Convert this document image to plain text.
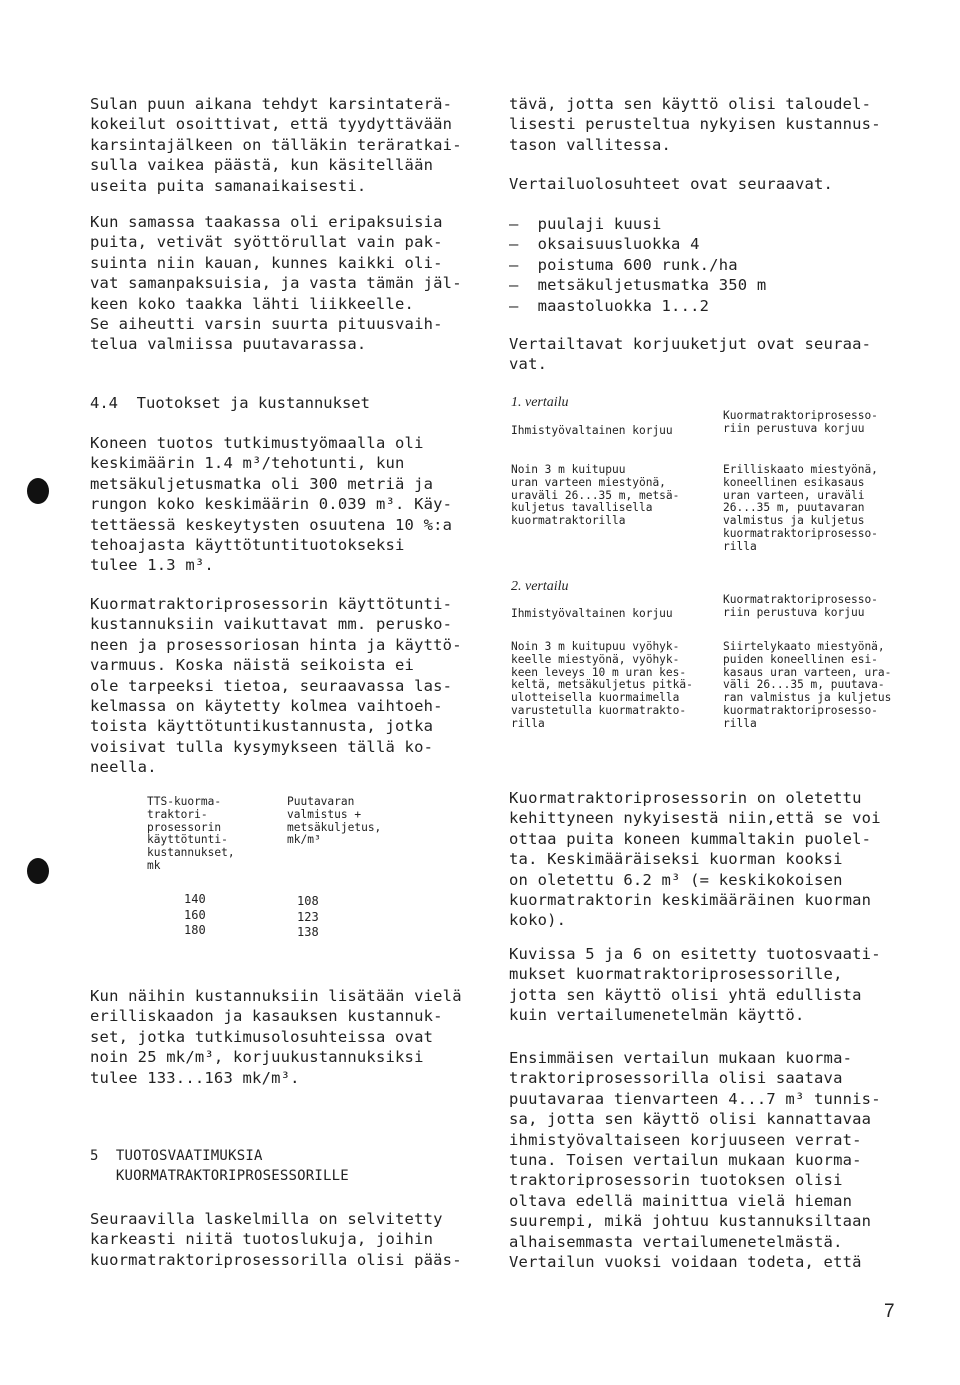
Sulan puun aikana tehdyt karsintaterä-
kokeilut osoittivat, että tyydyttävään
karsintajälkeen on tälläkin teräratkai-
sulla vaikea päästä, kun käsitellään
useita puita samanaikaisesti.
Kun samassa taakassa oli eripaksuisia
puita, vetivät syöttörullat vain pak-
suinta niin kauan, kunnes kaikki oli-
vat samanpaksuisia, ja vasta tämän jäl-
keen koko taakka lähti liikkeelle.
Se aiheutti varsin suurta pituusvaih-
telua valmiissa puutavarassa.
4.4  Tuotokset ja kustannukset
Koneen tuotos tutkimustyömaalla oli
keskimäärin 1.4 m³/tehotunti, kun
metsäkuljetusmatka oli 300 metriä ja
rungon koko keskimäärin 0.039 m³. Käy-
tettäessä keskeytysten osuutena 10 %:a
tehoajasta käyttötuntituotokseksi
tulee 1.3 m³.
Kuormatraktoriprosessorin käyttötunti-
kustannuksiin vaikuttavat mm. perusko-
neen ja prosessoriosan hinta ja käyttö-
varmuus. Koska näistä seikoista ei
ole tarpeeksi tietoa, seuraavassa las-
kelmassa on käytetty kolmea vaihtoeh-
toista käyttötuntikustannusta, jotka
voisivat tulla kysymykseen tällä ko-
neella.
TTS-kuorma-
traktori-
prosessorin
käyttötunti-
kustannukset,
mk
Puutavaran
valmistus +
metsäkuljetus,
mk/m³
140
160
180
108
123
138
Kun näihin kustannuksiin lisätään vielä
erilliskaadon ja kasauksen kustannuk-
set, jotka tutkimusolosuhteissa ovat
noin 25 mk/m³, korjuukustannuksiksi
tulee 133...163 mk/m³.
5  TUOTOSVAATIMUKSIA
KUORMATRAKTORIPROSESSORILLE
Seuraavilla laskelmilla on selvitetty
karkeasti niitä tuotoslukuja, joihin
kuormatraktoriprosessorilla olisi pääs-
tävä, jotta sen käyttö olisi taloudel-
lisesti perusteltua nykyisen kustannus-
tason vallitessa.
Vertailuolosuhteet ovat seuraavat.
–  puulaji kuusi
–  oksaisuusluokka 4
–  poistuma 600 runk./ha
–  metsäkuljetusmatka 350 m
–  maastoluokka 1...2
Vertailtavat korjuuketjut ovat seuraa-
vat.
1. vertailu
Ihmistyövaltainen korjuu
Kuormatraktoriprosesso-
riin perustuva korjuu
Noin 3 m kuitupuu
uran varteen miestyönä,
uraväli 26...35 m, metsä-
kuljetus tavallisella
kuormatraktorilla
Erilliskaato miestyönä,
koneellinen esikasaus
uran varteen, uraväli
26...35 m, puutavaran
valmistus ja kuljetus
kuormatraktoriprosesso-
rilla
2. vertailu
Ihmistyövaltainen korjuu
Kuormatraktoriprosesso-
riin perustuva korjuu
Noin 3 m kuitupuu vyöhyk-
keelle miestyönä, vyöhyk-
keen leveys 10 m uran kes-
keltä, metsäkuljetus pitkä-
ulotteisella kuormaimella
varustetulla kuormatrakto-
rilla
Siirtelykaato miestyönä,
puiden koneellinen esi-
kasaus uran varteen, ura-
väli 26...35 m, puutava-
ran valmistus ja kuljetus
kuormatraktoriprosesso-
rilla
Kuormatraktoriprosessorin on oletettu
kehittyneen nykyisestä niin,että se voi
ottaa puita koneen kummaltakin puolel-
ta. Keskimääräiseksi kuorman kooksi
on oletettu 6.2 m³ (= keskikokoisen
kuormatraktorin keskimääräinen kuorman
koko).
Kuvissa 5 ja 6 on esitetty tuotosvaati-
mukset kuormatraktoriprosessorille,
jotta sen käyttö olisi yhtä edullista
kuin vertailumenetelmän käyttö.
Ensimmäisen vertailun mukaan kuorma-
traktoriprosessorilla olisi saatava
puutavaraa tienvarteen 4...7 m³ tunnis-
sa, jotta sen käyttö olisi kannattavaa
ihmistyövaltaiseen korjuuseen verrat-
tuna. Toisen vertailun mukaan kuorma-
traktoriprosessorin tuotoksen olisi
oltava edellä mainittua vielä hieman
suurempi, mikä johtuu kustannuksiltaan
alhaisemmasta vertailumenetelmästä.
Vertailun vuoksi voidaan todeta, että
7
